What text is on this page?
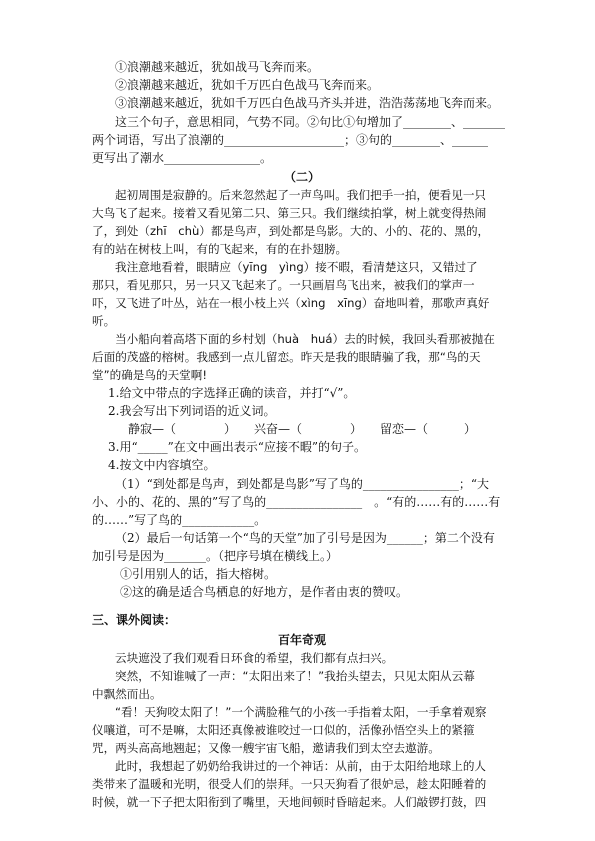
①浪潮越来越近，犹如战马飞奔而来。
②浪潮越来越近，犹如千万匹白色战马飞奔而来。
③浪潮越来越近，犹如千万匹白色战马齐头并进，浩浩荡荡地飞奔而来。
这三个句子，意思相同，气势不同。②句比①句增加了________、_______
两个词语，写出了浪潮的____________________；③句的________、______
更写出了潮水________________。
（二）
起初周围是寂静的。后来忽然起了一声鸟叫。我们把手一拍，便看见一只
大鸟飞了起来。接着又看见第二只、第三只。我们继续拍掌，树上就变得热闹
了，到处（zhī　chù）都是鸟声，到处都是鸟影。大的、小的、花的、黑的，
有的站在树枝上叫，有的飞起来，有的在扑翅膀。
我注意地看着，眼睛应（yīng　yìng）接不暇，看清楚这只，又错过了
那只，看见那只，另一只又飞起来了。一只画眉鸟飞出来，被我们的掌声一
吓，又飞进了叶丛，站在一根小枝上兴（xìng　xīng）奋地叫着，那歌声真好
听。
当小船向着高塔下面的乡村划（huà　huá）去的时候，我回头看那被抛在
后面的茂盛的榕树。我感到一点儿留恋。昨天是我的眼睛骗了我，那“鸟的天
堂”的确是鸟的天堂啊!
1.给文中带点的字选择正确的读音，并打“√”。
2.我会写出下列词语的近义词。
静寂—（　　　　）　　兴奋—（　　　　）　　留恋—（　　　）
3.用“_____”在文中画出表示“应接不暇”的句子。
4.按文中内容填空。
（1）“到处都是鸟声，到处都是鸟影”写了鸟的________________；“大
小、小的、花的、黑的”写了鸟的________________　。“有的……有的……有
的……”写了鸟的____________。
（2）最后一句话第一个“鸟的天堂”加了引号是因为______；第二个没有
加引号是因为_______。（把序号填在横线上。）
①引用别人的话，指大榕树。
②这的确是适合鸟栖息的好地方，是作者由衷的赞叹。
三、课外阅读：
百年奇观
云块遮没了我们观看日环食的希望，我们都有点扫兴。
突然，不知谁喊了一声：“太阳出来了！”我抬头望去，只见太阳从云幕
中飘然而出。
“看！天狗咬太阳了！”一个满脸稚气的小孩一手指着太阳，一手拿着观察
仪嚷道，可不是嘛，太阳还真像被谁咬过一口似的，活像孙悟空头上的紧箍
咒，两头高高地翘起；又像一艘宇宙飞船，邀请我们到太空去遨游。
此时，我想起了奶奶给我讲过的一个神话：从前，由于太阳给地球上的人
类带来了温暖和光明，很受人们的崇拜。一只天狗看了很妒忌，趁太阳睡着的
时候，就一下子把太阳衔到了嘴里，天地间顿时昏暗起来。人们敲锣打鼓，四
